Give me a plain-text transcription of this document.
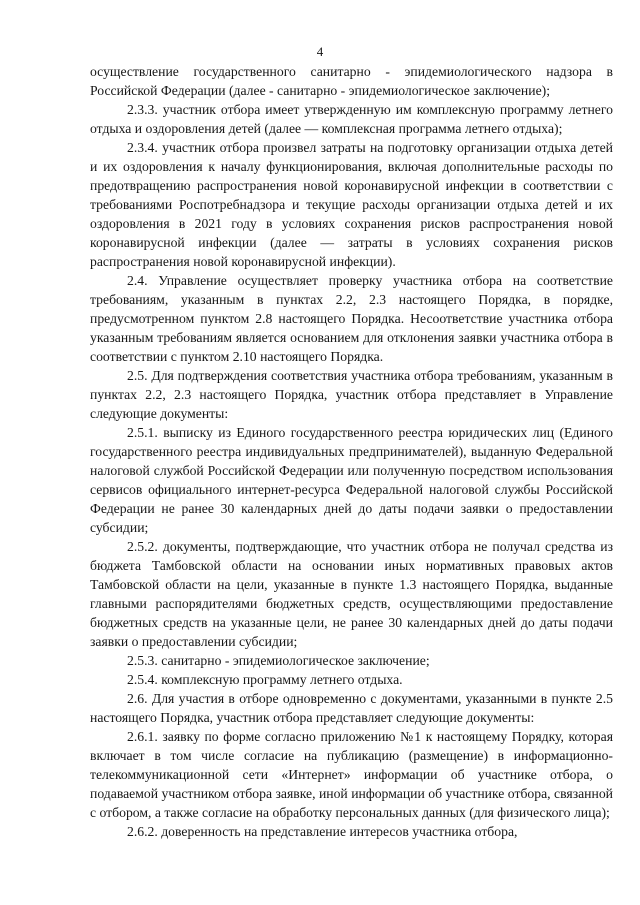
4

осуществление государственного санитарно - эпидемиологического надзора в Российской Федерации (далее - санитарно - эпидемиологическое заключение);

2.3.3. участник отбора имеет утвержденную им комплексную программу летнего отдыха и оздоровления детей (далее — комплексная программа летнего отдыха);

2.3.4. участник отбора произвел затраты на подготовку организации отдыха детей и их оздоровления к началу функционирования, включая дополнительные расходы по предотвращению распространения новой коронавирусной инфекции в соответствии с требованиями Роспотребнадзора и текущие расходы организации отдыха детей и их оздоровления в 2021 году в условиях сохранения рисков распространения новой коронавирусной инфекции (далее — затраты в условиях сохранения рисков распространения новой коронавирусной инфекции).

2.4. Управление осуществляет проверку участника отбора на соответствие требованиям, указанным в пунктах 2.2, 2.3 настоящего Порядка, в порядке, предусмотренном пунктом 2.8 настоящего Порядка. Несоответствие участника отбора указанным требованиям является основанием для отклонения заявки участника отбора в соответствии с пунктом 2.10 настоящего Порядка.

2.5. Для подтверждения соответствия участника отбора требованиям, указанным в пунктах 2.2, 2.3 настоящего Порядка, участник отбора представляет в Управление следующие документы:

2.5.1. выписку из Единого государственного реестра юридических лиц (Единого государственного реестра индивидуальных предпринимателей), выданную Федеральной налоговой службой Российской Федерации или полученную посредством использования сервисов официального интернет-ресурса Федеральной налоговой службы Российской Федерации не ранее 30 календарных дней до даты подачи заявки о предоставлении субсидии;

2.5.2. документы, подтверждающие, что участник отбора не получал средства из бюджета Тамбовской области на основании иных нормативных правовых актов Тамбовской области на цели, указанные в пункте 1.3 настоящего Порядка, выданные главными распорядителями бюджетных средств, осуществляющими предоставление бюджетных средств на указанные цели, не ранее 30 календарных дней до даты подачи заявки о предоставлении субсидии;

2.5.3. санитарно - эпидемиологическое заключение;

2.5.4. комплексную программу летнего отдыха.

2.6. Для участия в отборе одновременно с документами, указанными в пункте 2.5 настоящего Порядка, участник отбора представляет следующие документы:

2.6.1. заявку по форме согласно приложению №1 к настоящему Порядку, которая включает в том числе согласие на публикацию (размещение) в информационно-телекоммуникационной сети «Интернет» информации об участнике отбора, о подаваемой участником отбора заявке, иной информации об участнике отбора, связанной с отбором, а также согласие на обработку персональных данных (для физического лица);

2.6.2. доверенность на представление интересов участника отбора,
